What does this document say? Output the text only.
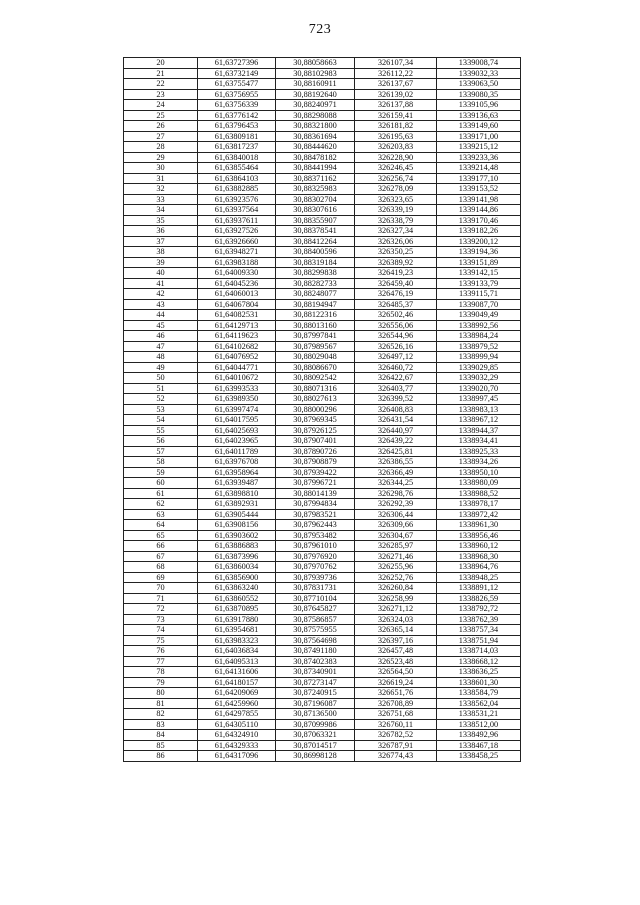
723
20	61,63727396	30,88058663	326107,34	1339008,74
21	61,63732149	30,88102983	326112,22	1339032,33
22	61,63755477	30,88160911	326137,67	1339063,50
23	61,63756955	30,88192640	326139,02	1339080,35
24	61,63756339	30,88240971	326137,88	1339105,96
25	61,63776142	30,88298088	326159,41	1339136,63
26	61,63796453	30,88321800	326181,82	1339149,60
27	61,63809181	30,88361694	326195,63	1339171,00
28	61,63817237	30,88444620	326203,83	1339215,12
29	61,63840018	30,88478182	326228,90	1339233,36
30	61,63855464	30,88441994	326246,45	1339214,48
31	61,63864103	30,88371162	326256,74	1339177,10
32	61,63882885	30,88325983	326278,09	1339153,52
33	61,63923576	30,88302704	326323,65	1339141,98
34	61,63937564	30,88307616	326339,19	1339144,86
35	61,63937611	30,88355907	326338,79	1339170,46
36	61,63927526	30,88378541	326327,34	1339182,26
37	61,63926660	30,88412264	326326,06	1339200,12
38	61,63948271	30,88400596	326350,25	1339194,36
39	61,63983188	30,88319184	326389,92	1339151,89
40	61,64009330	30,88299838	326419,23	1339142,15
41	61,64045236	30,88282733	326459,40	1339133,79
42	61,64060013	30,88248077	326476,19	1339115,71
43	61,64067804	30,88194947	326485,37	1339087,70
44	61,64082531	30,88122316	326502,46	1339049,49
45	61,64129713	30,88013160	326556,06	1338992,56
46	61,64119623	30,87997841	326544,96	1338984,24
47	61,64102682	30,87989567	326526,16	1338979,52
48	61,64076952	30,88029048	326497,12	1338999,94
49	61,64044771	30,88086670	326460,72	1339029,85
50	61,64010672	30,88092542	326422,67	1339032,29
51	61,63993533	30,88071316	326403,77	1339020,70
52	61,63989350	30,88027613	326399,52	1338997,45
53	61,63997474	30,88000296	326408,83	1338983,13
54	61,64017595	30,87969345	326431,54	1338967,12
55	61,64025693	30,87926125	326440,97	1338944,37
56	61,64023965	30,87907401	326439,22	1338934,41
57	61,64011789	30,87890726	326425,81	1338925,33
58	61,63976708	30,87908879	326386,55	1338934,26
59	61,63958964	30,87939422	326366,49	1338950,10
60	61,63939487	30,87996721	326344,25	1338980,09
61	61,63898810	30,88014139	326298,76	1338988,52
62	61,63892931	30,87994834	326292,39	1338978,17
63	61,63905444	30,87983521	326306,44	1338972,42
64	61,63908156	30,87962443	326309,66	1338961,30
65	61,63903602	30,87953482	326304,67	1338956,46
66	61,63886883	30,87961010	326285,97	1338960,12
67	61,63873996	30,87976920	326271,46	1338968,30
68	61,63860034	30,87970762	326255,96	1338964,76
69	61,63856900	30,87939736	326252,76	1338948,25
70	61,63863240	30,87831731	326260,84	1338891,12
71	61,63860552	30,87710104	326258,99	1338826,59
72	61,63870895	30,87645827	326271,12	1338792,72
73	61,63917880	30,87586857	326324,03	1338762,39
74	61,63954681	30,87575955	326365,14	1338757,34
75	61,63983323	30,87564698	326397,16	1338751,94
76	61,64036834	30,87491180	326457,48	1338714,03
77	61,64095313	30,87402383	326523,48	1338668,12
78	61,64131606	30,87340901	326564,50	1338636,25
79	61,64180157	30,87273147	326619,24	1338601,30
80	61,64209069	30,87240915	326651,76	1338584,79
81	61,64259960	30,87196087	326708,89	1338562,04
82	61,64297855	30,87136500	326751,68	1338531,21
83	61,64305110	30,87099986	326760,11	1338512,00
84	61,64324910	30,87063321	326782,52	1338492,96
85	61,64329333	30,87014517	326787,91	1338467,18
86	61,64317096	30,86998128	326774,43	1338458,25
